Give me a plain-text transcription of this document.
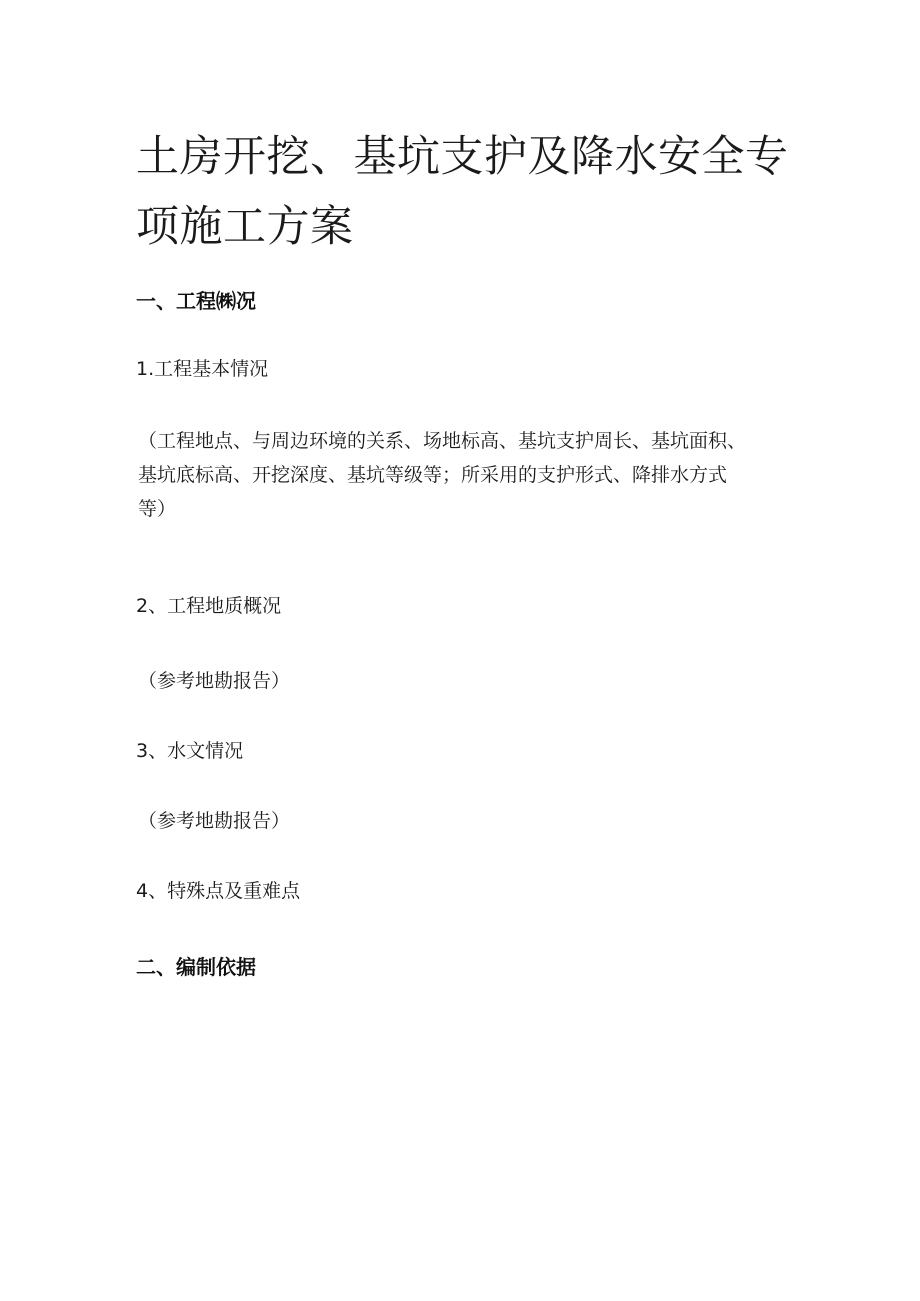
土房开挖、基坑支护及降水安全专
项施工方案
一、工程㈱况

1.工程基本情况

（工程地点、与周边环境的关系、场地标高、基坑支护周长、基坑面积、
基坑底标高、开挖深度、基坑等级等；所采用的支护形式、降排水方式
等）

2、工程地质概况

（参考地勘报告）

3、水文情况

（参考地勘报告）

4、特殊点及重难点

二、编制依据
